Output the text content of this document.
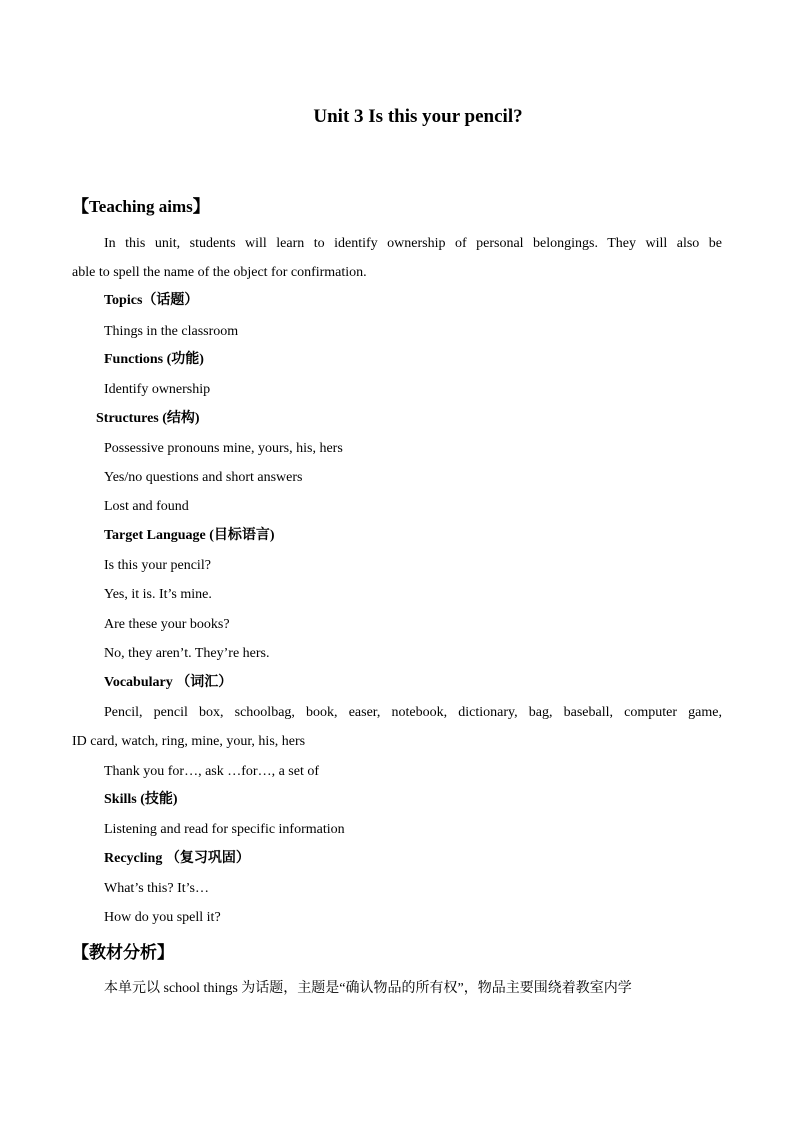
Unit 3 Is this your pencil?
【Teaching aims】
In this unit, students will learn to identify ownership of personal belongings. They will also be
able to spell the name of the object for confirmation.
Topics（话题）
Things in the classroom
Functions (功能)
Identify ownership
Structures (结构)
Possessive pronouns mine, yours, his, hers
Yes/no questions and short answers
Lost and found
Target Language (目标语言)
Is this your pencil?
Yes, it is. It’s mine.
Are these your books?
No, they aren’t. They’re hers.
Vocabulary （词汇）
Pencil, pencil box, schoolbag, book, easer, notebook, dictionary, bag, baseball, computer game,
ID card, watch, ring, mine, your, his, hers
Thank you for…, ask …for…, a set of
Skills (技能)
Listening and read for specific information
Recycling （复习巩固）
What’s this? It’s…
How do you spell it?
【教材分析】
本单元以 school things 为话题，主题是“确认物品的所有权”，物品主要围绕着教室内学
